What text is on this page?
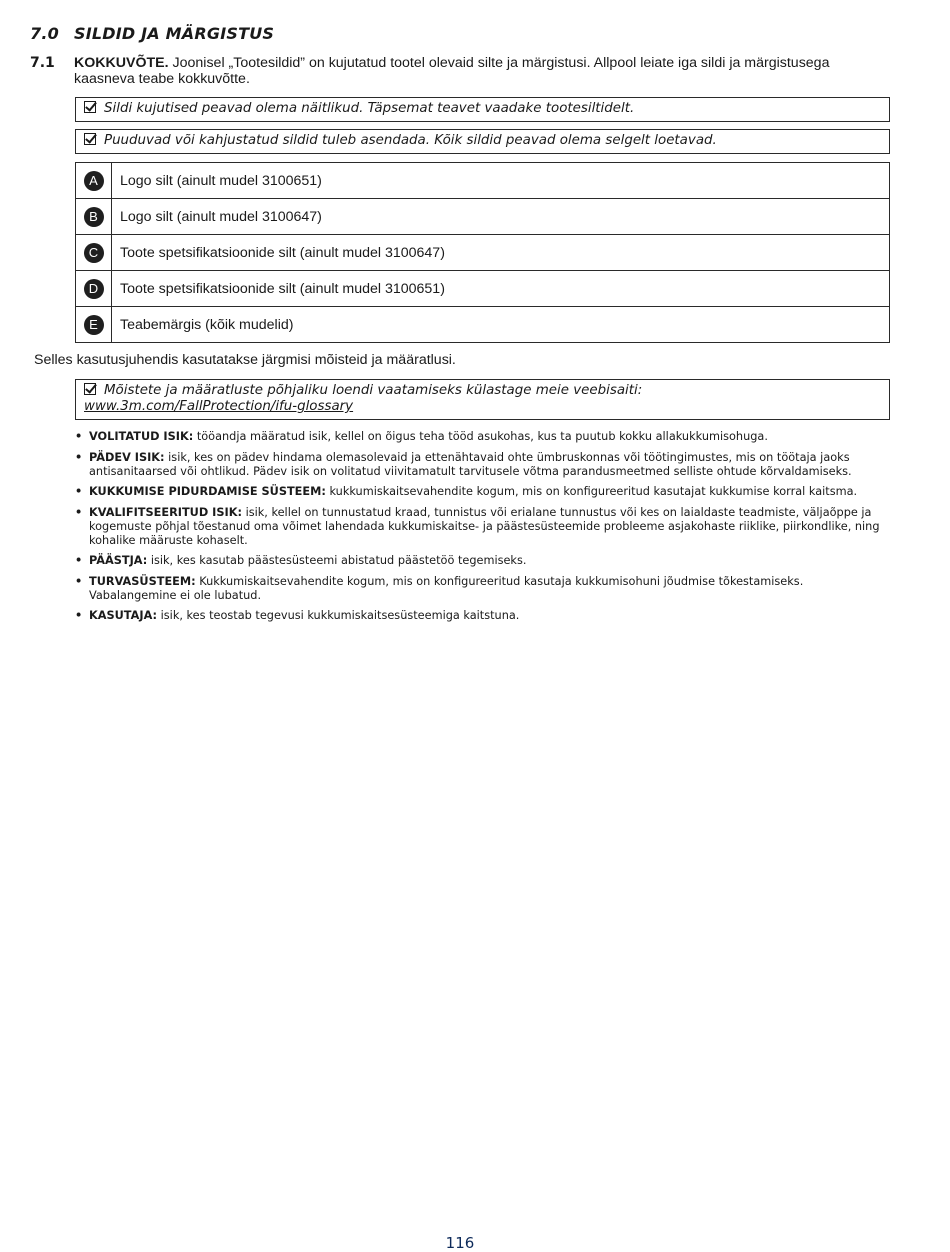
7.0 SILDID JA MÄRGISTUS
7.1 KOKKUVÕTE. Joonisel „Tootesildid” on kujutatud tootel olevaid silte ja märgistusi. Allpool leiate iga sildi ja märgistusega kaasneva teabe kokkuvõtte.
Sildi kujutised peavad olema näitlikud. Täpsemat teavet vaadake tootesiltidelt.
Puuduvad või kahjustatud sildid tuleb asendada. Kõik sildid peavad olema selgelt loetavad.
A	Logo silt (ainult mudel 3100651)
B	Logo silt (ainult mudel 3100647)
C	Toote spetsifikatsioonide silt (ainult mudel 3100647)
D	Toote spetsifikatsioonide silt (ainult mudel 3100651)
E	Teabemärgis (kõik mudelid)
Selles kasutusjuhendis kasutatakse järgmisi mõisteid ja määratlusi.
Mõistete ja määratluste põhjaliku loendi vaatamiseks külastage meie veebisaiti:
www.3m.com/FallProtection/ifu-glossary
• VOLITATUD ISIK: tööandja määratud isik, kellel on õigus teha tööd asukohas, kus ta puutub kokku allakukkumisohuga.
• PÄDEV ISIK: isik, kes on pädev hindama olemasolevaid ja ettenähtavaid ohte ümbruskonnas või töötingimustes, mis on töötaja jaoks antisanitaarsed või ohtlikud. Pädev isik on volitatud viivitamatult tarvitusele võtma parandusmeetmed selliste ohtude kõrvaldamiseks.
• KUKKUMISE PIDURDAMISE SÜSTEEM: kukkumiskaitsevahendite kogum, mis on konfigureeritud kasutajat kukkumise korral kaitsma.
• KVALIFITSEERITUD ISIK: isik, kellel on tunnustatud kraad, tunnistus või erialane tunnustus või kes on laialdaste teadmiste, väljaõppe ja kogemuste põhjal tõestanud oma võimet lahendada kukkumiskaitse- ja päästesüsteemide probleeme asjakohaste riiklike, piirkondlike, ning kohalike määruste kohaselt.
• PÄÄSTJA: isik, kes kasutab päästesüsteemi abistatud päästetöö tegemiseks.
• TURVASÜSTEEM: Kukkumiskaitsevahendite kogum, mis on konfigureeritud kasutaja kukkumisohuni jõudmise tõkestamiseks. Vabalangemine ei ole lubatud.
• KASUTAJA: isik, kes teostab tegevusi kukkumiskaitsesüsteemiga kaitstuna.
116
